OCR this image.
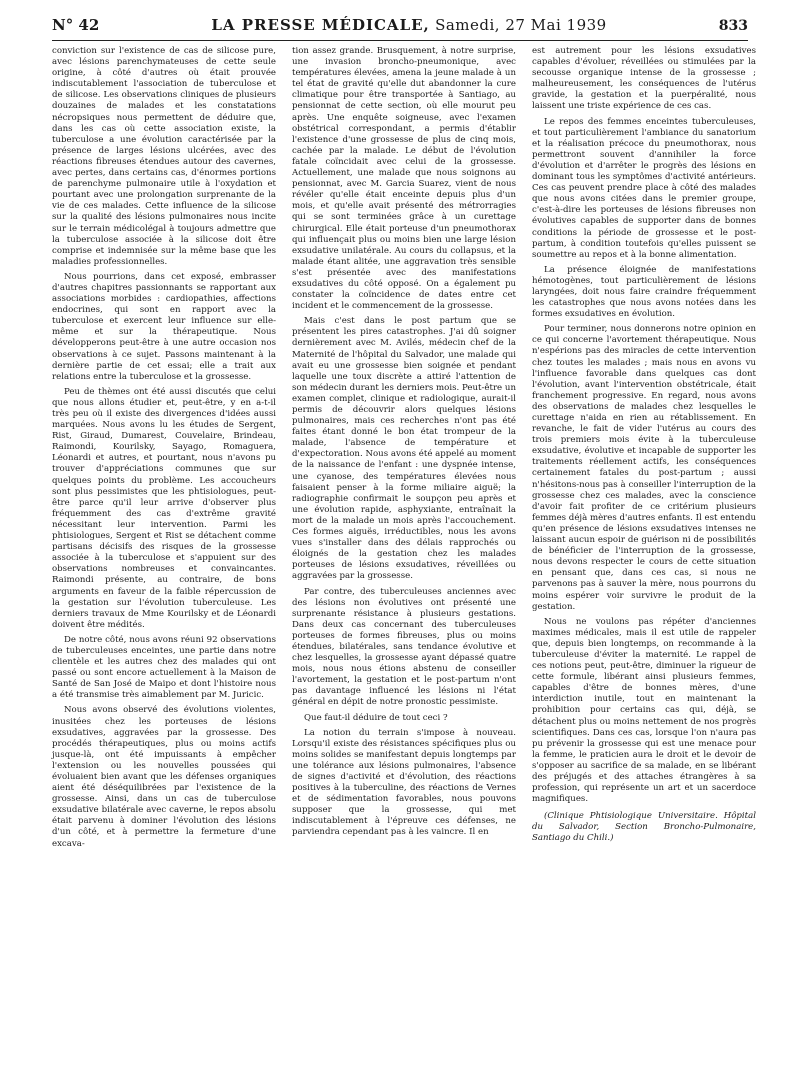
N° 42	LA PRESSE MÉDICALE, Samedi, 27 Mai 1939	833

conviction sur l'existence de cas de silicose pure, avec lésions parenchymateuses de cette seule origine, à côté d'autres où était prouvée indiscutablement l'association de tuberculose et de silicose. Les observations cliniques de plusieurs douzaines de malades et les constatations nécropsiques nous permettent de déduire que, dans les cas où cette association existe, la tuberculose a une évolution caractérisée par la présence de larges lésions ulcérées, avec des réactions fibreuses étendues autour des cavernes, avec pertes, dans certains cas, d'énormes portions de parenchyme pulmonaire utile à l'oxydation et pourtant avec une prolongation surprenante de la vie de ces malades. Cette influence de la silicose sur la qualité des lésions pulmonaires nous incite sur le terrain médicolégal à toujours admettre que la tuberculose associée à la silicose doit être comprise et indemnisée sur la même base que les maladies professionnelles.

Nous pourrions, dans cet exposé, embrasser d'autres chapitres passionnants se rapportant aux associations morbides : cardiopathies, affections endocrines, qui sont en rapport avec la tuberculose et exercent leur influence sur elle-même et sur la thérapeutique. Nous développerons peut-être à une autre occasion nos observations à ce sujet. Passons maintenant à la dernière partie de cet essai; elle a trait aux relations entre la tuberculose et la grossesse.

Peu de thèmes ont été aussi discutés que celui que nous allons étudier et, peut-être, y en a-t-il très peu où il existe des divergences d'idées aussi marquées. Nous avons lu les études de Sergent, Rist, Giraud, Dumarest, Couvelaire, Brindeau, Raimondi, Kourilsky, Sayago, Romaguera, Léonardi et autres, et pourtant, nous n'avons pu trouver d'appréciations communes que sur quelques points du problème. Les accoucheurs sont plus pessimistes que les phtisiologues, peut-être parce qu'il leur arrive d'observer plus fréquemment des cas d'extrême gravité nécessitant leur intervention. Parmi les phtisiologues, Sergent et Rist se détachent comme partisans décisifs des risques de la grossesse associée à la tuberculose et s'appuient sur des observations nombreuses et convaincantes. Raimondi présente, au contraire, de bons arguments en faveur de la faible répercussion de la gestation sur l'évolution tuberculeuse. Les derniers travaux de Mme Kourilsky et de Léonardi doivent être médités.

De notre côté, nous avons réuni 92 observations de tuberculeuses enceintes, une partie dans notre clientèle et les autres chez des malades qui ont passé ou sont encore actuellement à la Maison de Santé de San José de Maipo et dont l'histoire nous a été transmise très aimablement par M. Juricic.

Nous avons observé des évolutions violentes, inusitées chez les porteuses de lésions exsudatives, aggravées par la grossesse. Des procédés thérapeutiques, plus ou moins actifs jusque-là, ont été impuissants à empêcher l'extension ou les nouvelles poussées qui évoluaient bien avant que les défenses organiques aient été déséquilibrées par l'existence de la grossesse. Ainsi, dans un cas de tuberculose exsudative bilatérale avec caverne, le repos absolu était parvenu à dominer l'évolution des lésions d'un côté, et à permettre la fermeture d'une excava-

tion assez grande. Brusquement, à notre surprise, une invasion broncho-pneumonique, avec températures élevées, amena la jeune malade à un tel état de gravité qu'elle dut abandonner la cure climatique pour être transportée à Santiago, au pensionnat de cette section, où elle mourut peu après. Une enquête soigneuse, avec l'examen obstétrical correspondant, a permis d'établir l'existence d'une grossesse de plus de cinq mois, cachée par la malade. Le début de l'évolution fatale coïncidait avec celui de la grossesse. Actuellement, une malade que nous soignons au pensionnat, avec M. Garcia Suarez, vient de nous révéler qu'elle était enceinte depuis plus d'un mois, et qu'elle avait présenté des métrorragies qui se sont terminées grâce à un curettage chirurgical. Elle était porteuse d'un pneumothorax qui influençait plus ou moins bien une large lésion exsudative unilatérale. Au cours du collapsus, et la malade étant alitée, une aggravation très sensible s'est présentée avec des manifestations exsudatives du côté opposé. On a également pu constater la coïncidence de dates entre cet incident et le commencement de la grossesse.

Mais c'est dans le post partum que se présentent les pires catastrophes. J'ai dû soigner dernièrement avec M. Avilés, médecin chef de la Maternité de l'hôpital du Salvador, une malade qui avait eu une grossesse bien soignée et pendant laquelle une toux discrète a attiré l'attention de son médecin durant les derniers mois. Peut-être un examen complet, clinique et radiologique, aurait-il permis de découvrir alors quelques lésions pulmonaires, mais ces recherches n'ont pas été faites étant donné le bon état trompeur de la malade, l'absence de température et d'expectoration. Nous avons été appelé au moment de la naissance de l'enfant : une dyspnée intense, une cyanose, des températures élevées nous faisaient penser à la forme miliaire aiguë; la radiographie confirmait le soupçon peu après et une évolution rapide, asphyxiante, entraînait la mort de la malade un mois après l'accouchement. Ces formes aiguës, irréductibles, nous les avons vues s'installer dans des délais rapprochés ou éloignés de la gestation chez les malades porteuses de lésions exsudatives, réveillées ou aggravées par la grossesse.

Par contre, des tuberculeuses anciennes avec des lésions non évolutives ont présenté une surprenante résistance à plusieurs gestations. Dans deux cas concernant des tuberculeuses porteuses de formes fibreuses, plus ou moins étendues, bilatérales, sans tendance évolutive et chez lesquelles, la grossesse ayant dépassé quatre mois, nous nous étions abstenu de conseiller l'avortement, la gestation et le post-partum n'ont pas davantage influencé les lésions ni l'état général en dépit de notre pronostic pessimiste.

Que faut-il déduire de tout ceci ?

La notion du terrain s'impose à nouveau. Lorsqu'il existe des résistances spécifiques plus ou moins solides se manifestant depuis longtemps par une tolérance aux lésions pulmonaires, l'absence de signes d'activité et d'évolution, des réactions positives à la tuberculine, des réactions de Vernes et de sédimentation favorables, nous pouvons supposer que la grossesse, qui met indiscutablement à l'épreuve ces défenses, ne parviendra cependant pas à les vaincre. Il en

est autrement pour les lésions exsudatives capables d'évoluer, réveillées ou stimulées par la secousse organique intense de la grossesse ; malheureusement, les conséquences de l'utérus gravide, la gestation et la puerpéralité, nous laissent une triste expérience de ces cas.

Le repos des femmes enceintes tuberculeuses, et tout particulièrement l'ambiance du sanatorium et la réalisation précoce du pneumothorax, nous permettront souvent d'annihiler la force d'évolution et d'arrêter le progrès des lésions en dominant tous les symptômes d'activité antérieurs. Ces cas peuvent prendre place à côté des malades que nous avons citées dans le premier groupe, c'est-à-dire les porteuses de lésions fibreuses non évolutives capables de supporter dans de bonnes conditions la période de grossesse et le post-partum, à condition toutefois qu'elles puissent se soumettre au repos et à la bonne alimentation.

La présence éloignée de manifestations hémotogènes, tout particulièrement de lésions laryngées, doit nous faire craindre fréquemment les catastrophes que nous avons notées dans les formes exsudatives en évolution.

Pour terminer, nous donnerons notre opinion en ce qui concerne l'avortement thérapeutique. Nous n'espérions pas des miracles de cette intervention chez toutes les malades ; mais nous en avons vu l'influence favorable dans quelques cas dont l'évolution, avant l'intervention obstétricale, était franchement progressive. En regard, nous avons des observations de malades chez lesquelles le curettage n'aida en rien au rétablissement. En revanche, le fait de vider l'utérus au cours des trois premiers mois évite à la tuberculeuse exsudative, évolutive et incapable de supporter les traitements réellement actifs, les conséquences certainement fatales du post-partum ; aussi n'hésitons-nous pas à conseiller l'interruption de la grossesse chez ces malades, avec la conscience d'avoir fait profiter de ce critérium plusieurs femmes déjà mères d'autres enfants. Il est entendu qu'en présence de lésions exsudatives intenses ne laissant aucun espoir de guérison ni de possibilités de bénéficier de l'interruption de la grossesse, nous devons respecter le cours de cette situation en pensant que, dans ces cas, si nous ne parvenons pas à sauver la mère, nous pourrons du moins espérer voir survivre le produit de la gestation.

Nous ne voulons pas répéter d'anciennes maximes médicales, mais il est utile de rappeler que, depuis bien longtemps, on recommande à la tuberculeuse d'éviter la maternité. Le rappel de ces notions peut, peut-être, diminuer la rigueur de cette formule, libérant ainsi plusieurs femmes, capables d'être de bonnes mères, d'une interdiction inutile, tout en maintenant la prohibition pour certains cas qui, déjà, se détachent plus ou moins nettement de nos progrès scientifiques. Dans ces cas, lorsque l'on n'aura pas pu prévenir la grossesse qui est une menace pour la femme, le praticien aura le droit et le devoir de s'opposer au sacrifice de sa malade, en se libérant des préjugés et des attaches étrangères à sa profession, qui représente un art et un sacerdoce magnifiques.

(Clinique Phtisiologique Universitaire. Hôpital du Salvador, Section Broncho-Pulmonaire, Santiago du Chili.)
